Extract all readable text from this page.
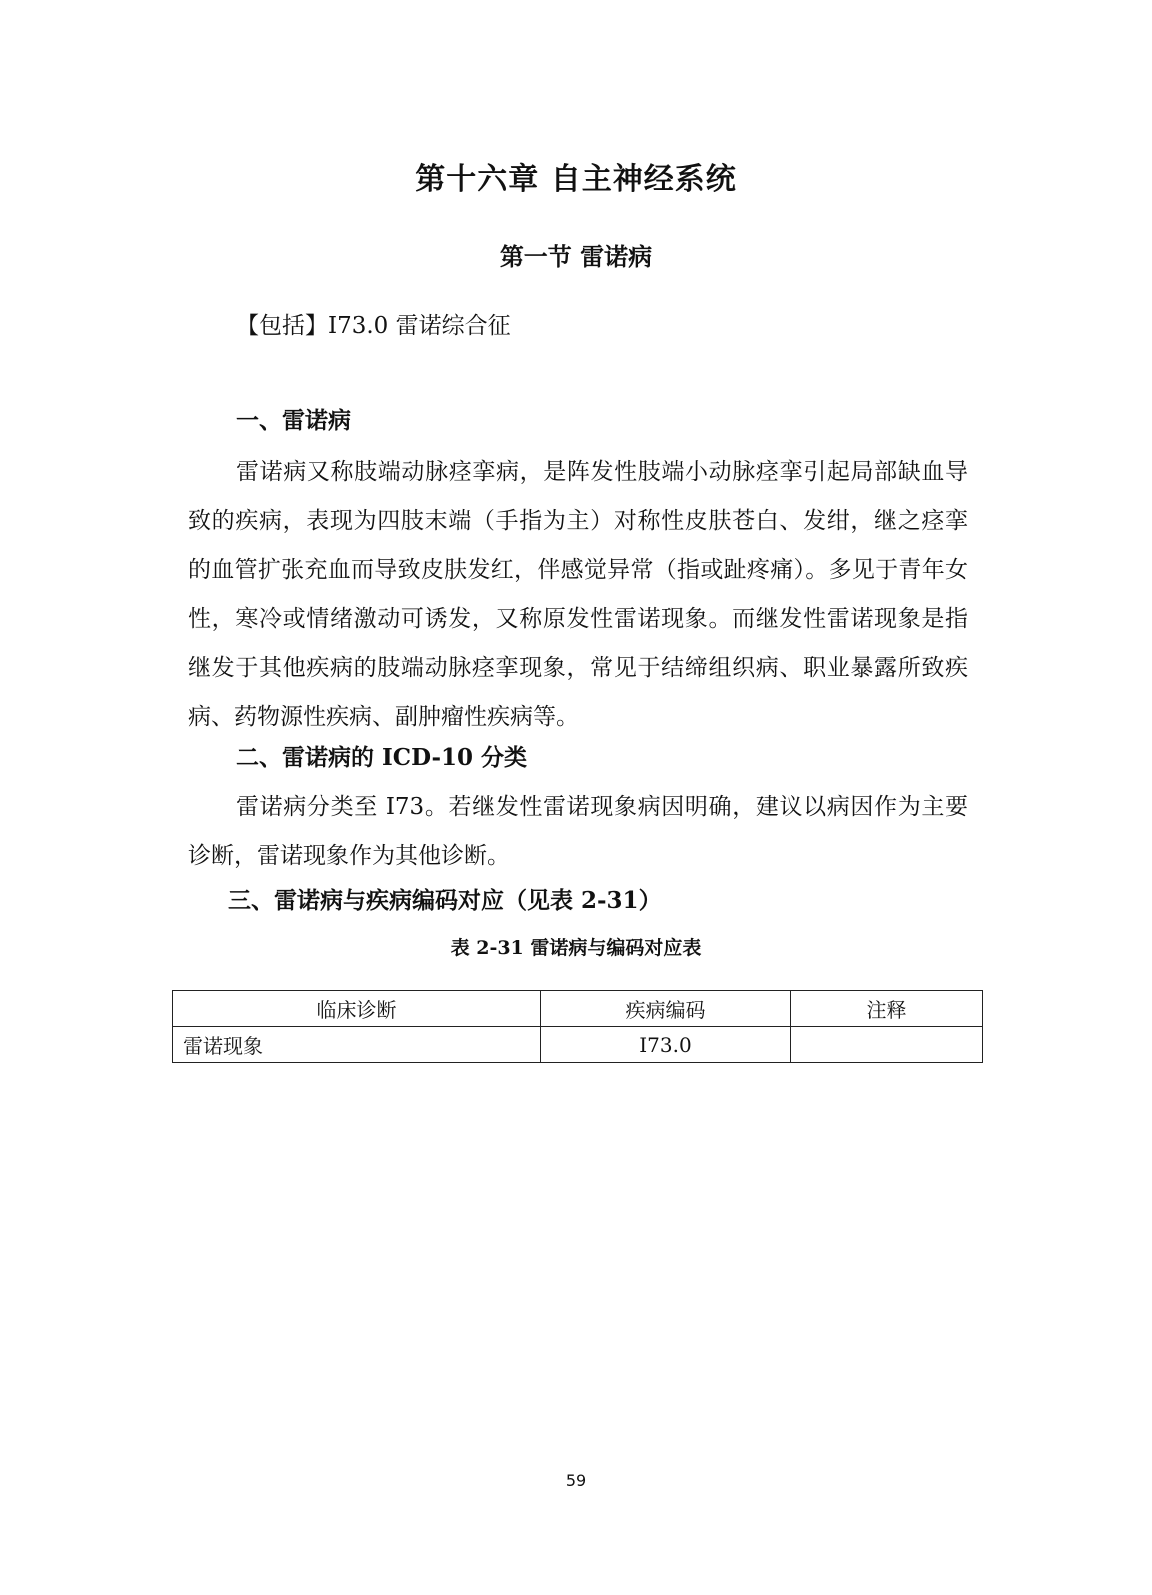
第十六章 自主神经系统
第一节 雷诺病
【包括】I73.0 雷诺综合征
一、雷诺病

雷诺病又称肢端动脉痉挛病，是阵发性肢端小动脉痉挛引起局部缺血导致的疾病，表现为四肢末端（手指为主）对称性皮肤苍白、发绀，继之痉挛的血管扩张充血而导致皮肤发红，伴感觉异常（指或趾疼痛）。多见于青年女性，寒冷或情绪激动可诱发，又称原发性雷诺现象。而继发性雷诺现象是指继发于其他疾病的肢端动脉痉挛现象，常见于结缔组织病、职业暴露所致疾病、药物源性疾病、副肿瘤性疾病等。

二、雷诺病的 ICD-10 分类

雷诺病分类至 I73。若继发性雷诺现象病因明确，建议以病因作为主要诊断，雷诺现象作为其他诊断。

三、雷诺病与疾病编码对应（见表 2-31）
表 2-31 雷诺病与编码对应表
临床诊断	疾病编码	注释
雷诺现象	I73.0	
59
